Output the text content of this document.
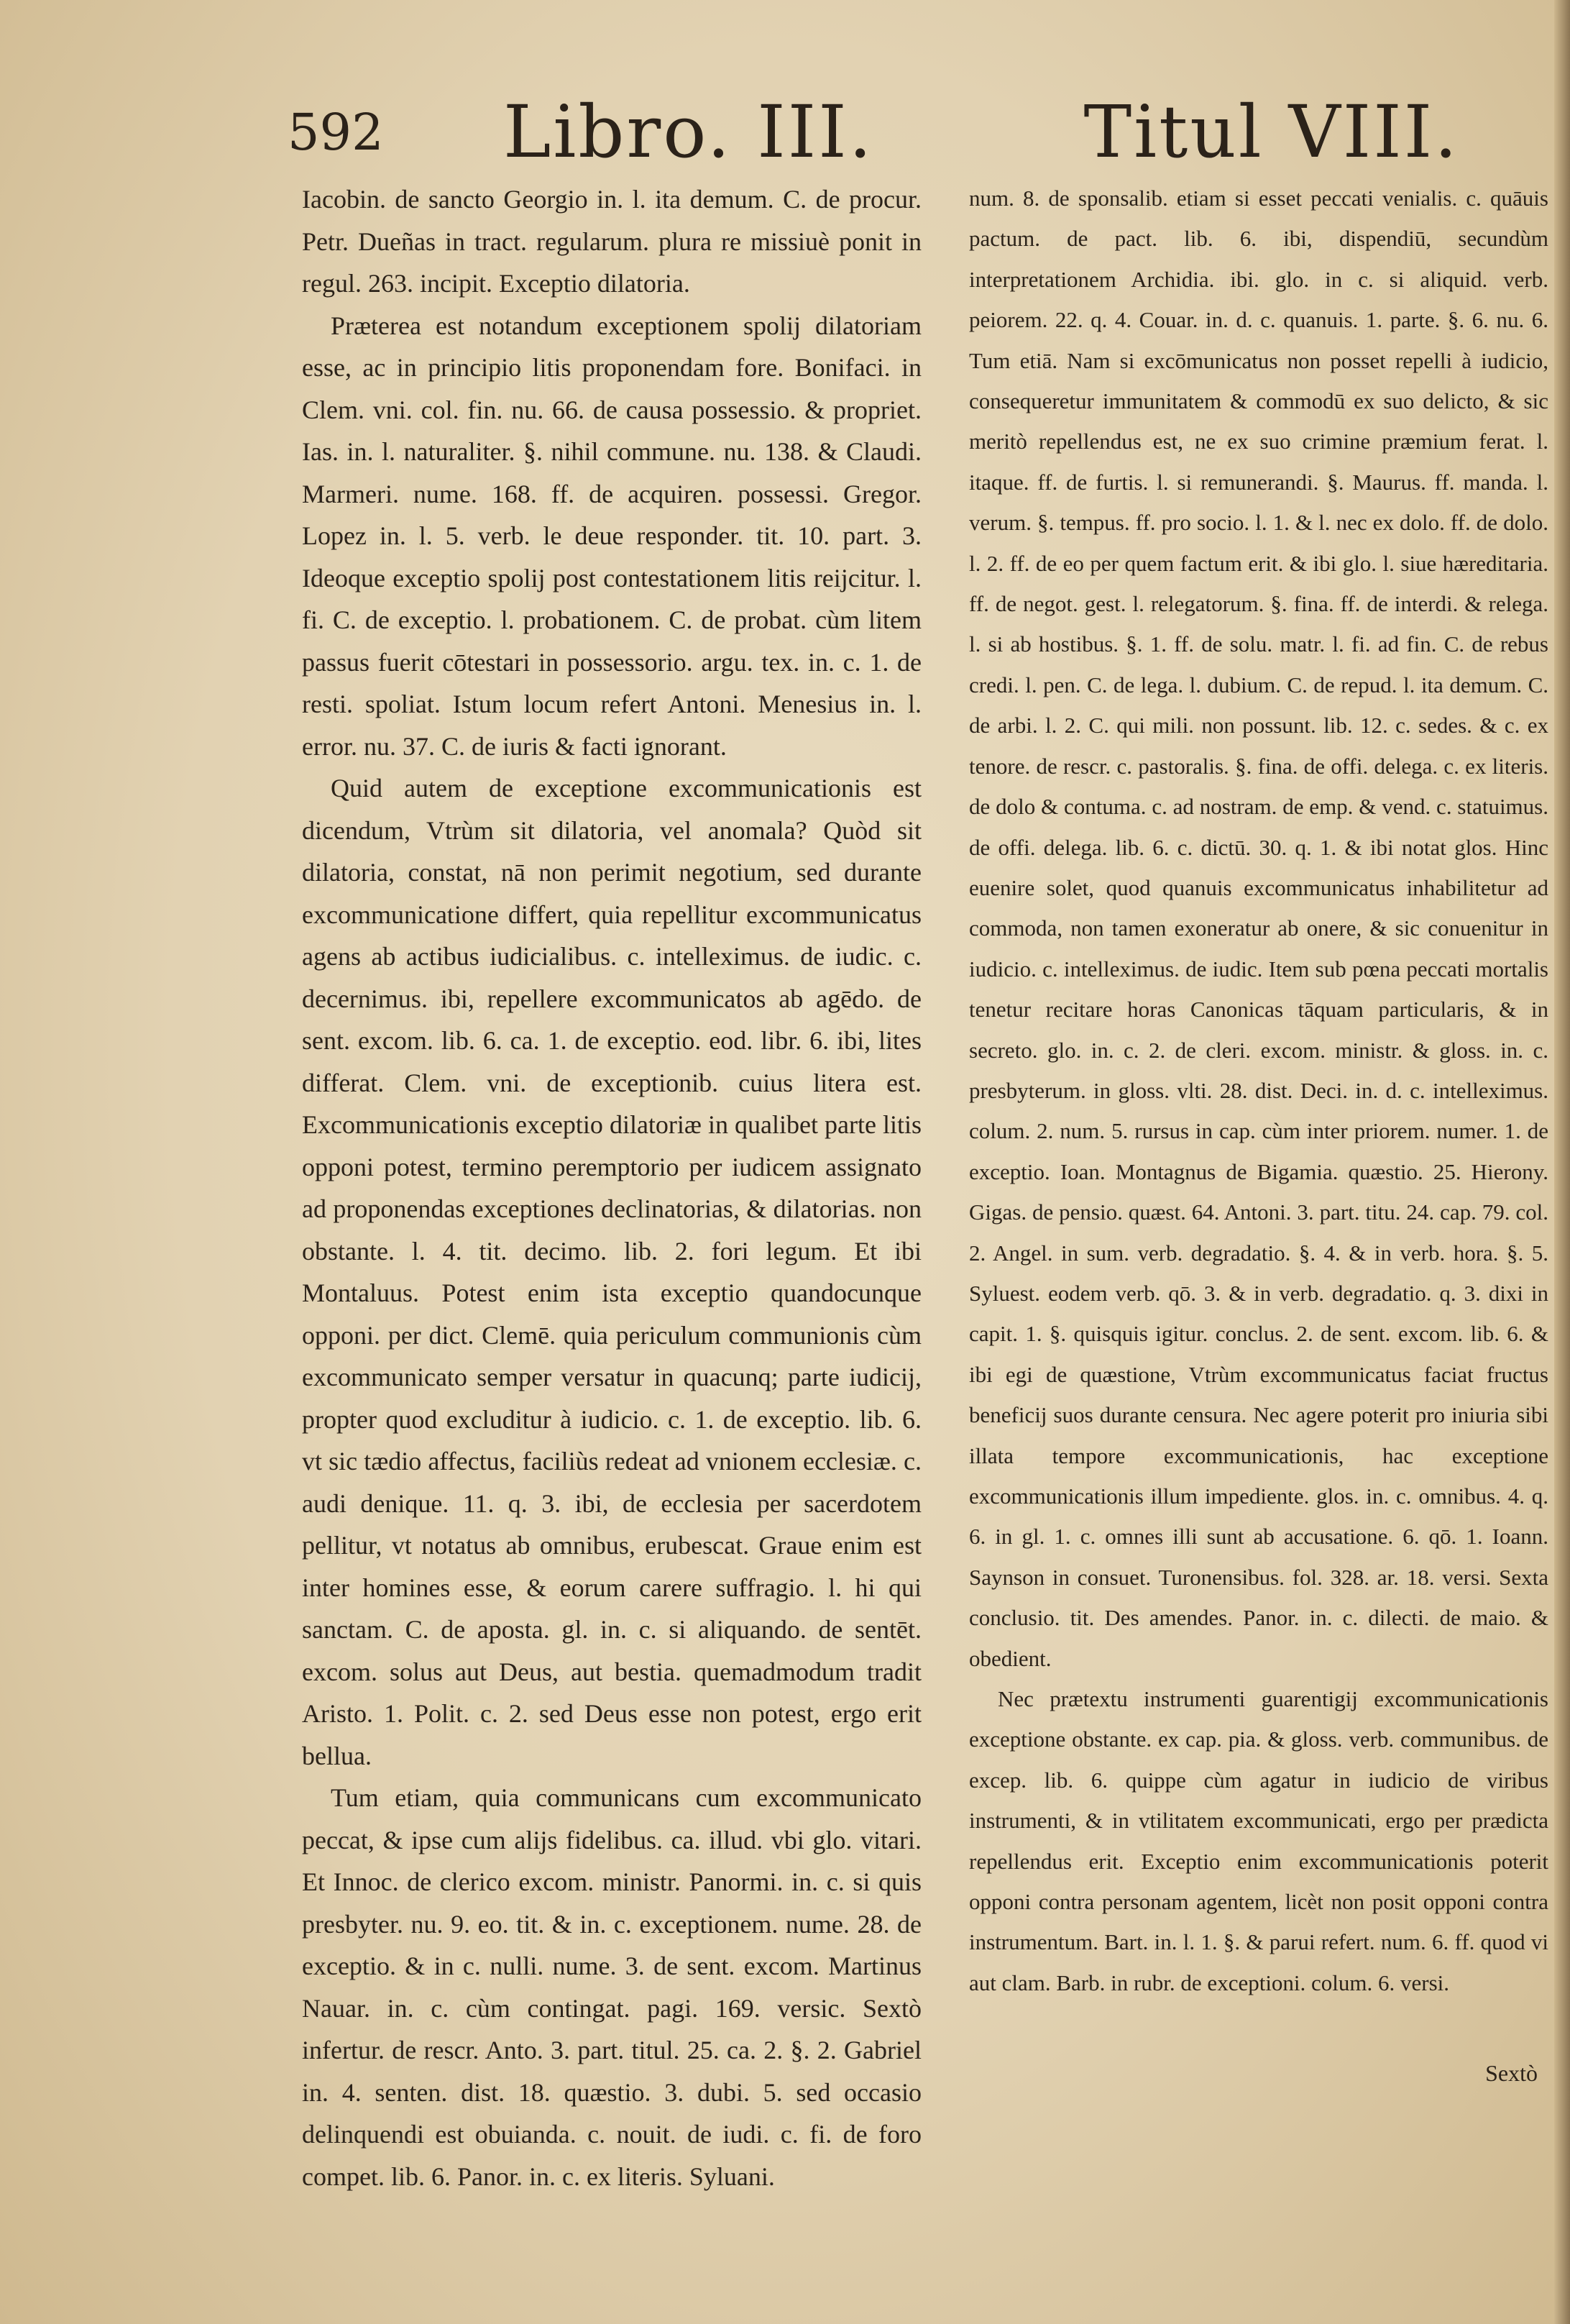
592 Libro. III.	Titul VIII.

Iacobin. de sancto Georgio in. l. ita demum. C. de procur. Petr. Dueñas in tract. regularum. plura re missiuè ponit in regul. 263. incipit. Exceptio dilatoria.

Præterea est notandum exceptionem spolij dilatoriam esse, ac in principio litis proponendam fore. Bonifaci. in Clem. vni. col. fin. nu. 66. de causa possessio. & propriet. Ias. in. l. naturaliter. §. nihil commune. nu. 138. & Claudi. Marmeri. nume. 168. ff. de acquiren. possessi. Gregor. Lopez in. l. 5. verb. le deue responder. tit. 10. part. 3. Ideoque exceptio spolij post contestationem litis reijcitur. l. fi. C. de exceptio. l. probationem. C. de probat. cùm litem passus fuerit cōtestari in possessorio. argu. tex. in. c. 1. de resti. spoliat. Istum locum refert Antoni. Menesius in. l. error. nu. 37. C. de iuris & facti ignorant.

Quid autem de exceptione excommunicationis est dicendum, Vtrùm sit dilatoria, vel anomala? Quòd sit dilatoria, constat, nā non perimit negotium, sed durante excommunicatione differt, quia repellitur excommunicatus agens ab actibus iudicialibus. c. intelleximus. de iudic. c. decernimus. ibi, repellere excommunicatos ab agēdo. de sent. excom. lib. 6. ca. 1. de exceptio. eod. libr. 6. ibi, lites differat. Clem. vni. de exceptionib. cuius litera est. Excommunicationis exceptio dilatoriæ in qualibet parte litis opponi potest, termino peremptorio per iudicem assignato ad proponendas exceptiones declinatorias, & dilatorias. non obstante. l. 4. tit. decimo. lib. 2. fori legum. Et ibi Montaluus. Potest enim ista exceptio quandocunque opponi. per dict. Clemē. quia periculum communionis cùm excommunicato semper versatur in quacunq; parte iudicij, propter quod excluditur à iudicio. c. 1. de exceptio. lib. 6. vt sic tædio affectus, faciliùs redeat ad vnionem ecclesiæ. c. audi denique. 11. q. 3. ibi, de ecclesia per sacerdotem pellitur, vt notatus ab omnibus, erubescat. Graue enim est inter homines esse, & eorum carere suffragio. l. hi qui sanctam. C. de aposta. gl. in. c. si aliquando. de sentēt. excom. solus aut Deus, aut bestia. quemadmodum tradit Aristo. 1. Polit. c. 2. sed Deus esse non potest, ergo erit bellua.

Tum etiam, quia communicans cum excommunicato peccat, & ipse cum alijs fidelibus. ca. illud. vbi glo. vitari. Et Innoc. de clerico excom. ministr. Panormi. in. c. si quis presbyter. nu. 9. eo. tit. & in. c. exceptionem. nume. 28. de exceptio. & in c. nulli. nume. 3. de sent. excom. Martinus Nauar. in. c. cùm contingat. pagi. 169. versic. Sextò infertur. de rescr. Anto. 3. part. titul. 25. ca. 2. §. 2. Gabriel in. 4. senten. dist. 18. quæstio. 3. dubi. 5. sed occasio delinquendi est obuianda. c. nouit. de iudi. c. fi. de foro compet. lib. 6. Panor. in. c. ex literis. Syluani.

num. 8. de sponsalib. etiam si esset peccati venialis. c. quāuis pactum. de pact. lib. 6. ibi, dispendiū, secundùm interpretationem Archidia. ibi. glo. in c. si aliquid. verb. peiorem. 22. q. 4. Couar. in. d. c. quanuis. 1. parte. §. 6. nu. 6. Tum etiā. Nam si excōmunicatus non posset repelli à iudicio, consequeretur immunitatem & commodū ex suo delicto, & sic meritò repellendus est, ne ex suo crimine præmium ferat. l. itaque. ff. de furtis. l. si remunerandi. §. Maurus. ff. manda. l. verum. §. tempus. ff. pro socio. l. 1. & l. nec ex dolo. ff. de dolo. l. 2. ff. de eo per quem factum erit. & ibi glo. l. siue hæreditaria. ff. de negot. gest. l. relegatorum. §. fina. ff. de interdi. & relega. l. si ab hostibus. §. 1. ff. de solu. matr. l. fi. ad fin. C. de rebus credi. l. pen. C. de lega. l. dubium. C. de repud. l. ita demum. C. de arbi. l. 2. C. qui mili. non possunt. lib. 12. c. sedes. & c. ex tenore. de rescr. c. pastoralis. §. fina. de offi. delega. c. ex literis. de dolo & contuma. c. ad nostram. de emp. & vend. c. statuimus. de offi. delega. lib. 6. c. dictū. 30. q. 1. & ibi notat glos. Hinc euenire solet, quod quanuis excommunicatus inhabilitetur ad commoda, non tamen exoneratur ab onere, & sic conuenitur in iudicio. c. intelleximus. de iudic. Item sub pœna peccati mortalis tenetur recitare horas Canonicas tāquam particularis, & in secreto. glo. in. c. 2. de cleri. excom. ministr. & gloss. in. c. presbyterum. in gloss. vlti. 28. dist. Deci. in. d. c. intelleximus. colum. 2. num. 5. rursus in cap. cùm inter priorem. numer. 1. de exceptio. Ioan. Montagnus de Bigamia. quæstio. 25. Hierony. Gigas. de pensio. quæst. 64. Antoni. 3. part. titu. 24. cap. 79. col. 2. Angel. in sum. verb. degradatio. §. 4. & in verb. hora. §. 5. Syluest. eodem verb. qō. 3. & in verb. degradatio. q. 3. dixi in capit. 1. §. quisquis igitur. conclus. 2. de sent. excom. lib. 6. & ibi egi de quæstione, Vtrùm excommunicatus faciat fructus beneficij suos durante censura. Nec agere poterit pro iniuria sibi illata tempore excommunicationis, hac exceptione excommunicationis illum impediente. glos. in. c. omnibus. 4. q. 6. in gl. 1. c. omnes illi sunt ab accusatione. 6. qō. 1. Ioann. Saynson in consuet. Turonensibus. fol. 328. ar. 18. versi. Sexta conclusio. tit. Des amendes. Panor. in. c. dilecti. de maio. & obedient.

Nec prætextu instrumenti guarentigij excommunicationis exceptione obstante. ex cap. pia. & gloss. verb. communibus. de excep. lib. 6. quippe cùm agatur in iudicio de viribus instrumenti, & in vtilitatem excommunicati, ergo per prædicta repellendus erit. Exceptio enim excommunicationis poterit opponi contra personam agentem, licèt non posit opponi contra instrumentum. Bart. in. l. 1. §. & parui refert. num. 6. ff. quod vi aut clam. Barb. in rubr. de exceptioni. colum. 6. versi.

Sextò
